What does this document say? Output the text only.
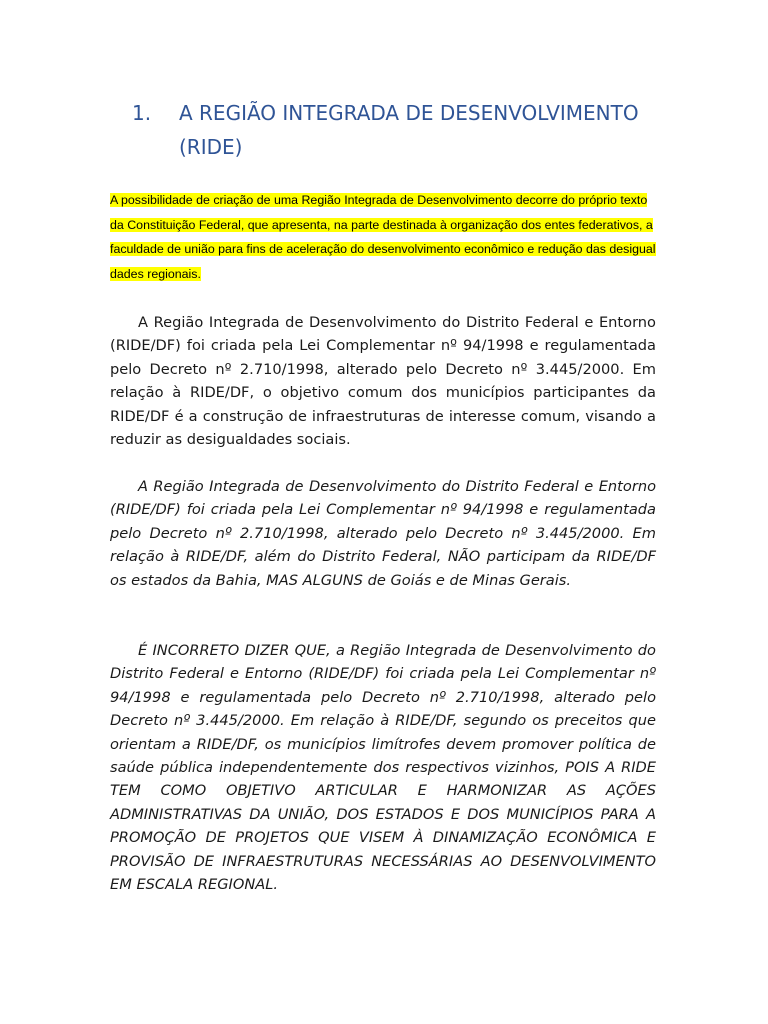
1. A REGIÃO INTEGRADA DE DESENVOLVIMENTO (RIDE)

A possibilidade de criação de uma Região Integrada de Desenvolvimento decorre do próprio texto da Constituição Federal, que apresenta, na parte destinada à organização dos entes federativos, a faculdade de união para fins de aceleração do desenvolvimento econômico e redução das desigualdades regionais.

A Região Integrada de Desenvolvimento do Distrito Federal e Entorno (RIDE/DF) foi criada pela Lei Complementar nº 94/1998 e regulamentada pelo Decreto nº 2.710/1998, alterado pelo Decreto nº 3.445/2000. Em relação à RIDE/DF, o objetivo comum dos municípios participantes da RIDE/DF é a construção de infraestruturas de interesse comum, visando a reduzir as desigualdades sociais.

A Região Integrada de Desenvolvimento do Distrito Federal e Entorno (RIDE/DF) foi criada pela Lei Complementar nº 94/1998 e regulamentada pelo Decreto nº 2.710/1998, alterado pelo Decreto nº 3.445/2000. Em relação à RIDE/DF, além do Distrito Federal, NÃO participam da RIDE/DF os estados da Bahia, MAS ALGUNS de Goiás e de Minas Gerais.

É INCORRETO DIZER QUE, a Região Integrada de Desenvolvimento do Distrito Federal e Entorno (RIDE/DF) foi criada pela Lei Complementar nº 94/1998 e regulamentada pelo Decreto nº 2.710/1998, alterado pelo Decreto nº 3.445/2000. Em relação à RIDE/DF, segundo os preceitos que orientam a RIDE/DF, os municípios limítrofes devem promover política de saúde pública independentemente dos respectivos vizinhos, POIS A RIDE TEM COMO OBJETIVO ARTICULAR E HARMONIZAR AS AÇÕES ADMINISTRATIVAS DA UNIÃO, DOS ESTADOS E DOS MUNICÍPIOS PARA A PROMOÇÃO DE PROJETOS QUE VISEM À DINAMIZAÇÃO ECONÔMICA E PROVISÃO DE INFRAESTRUTURAS NECESSÁRIAS AO DESENVOLVIMENTO EM ESCALA REGIONAL.
